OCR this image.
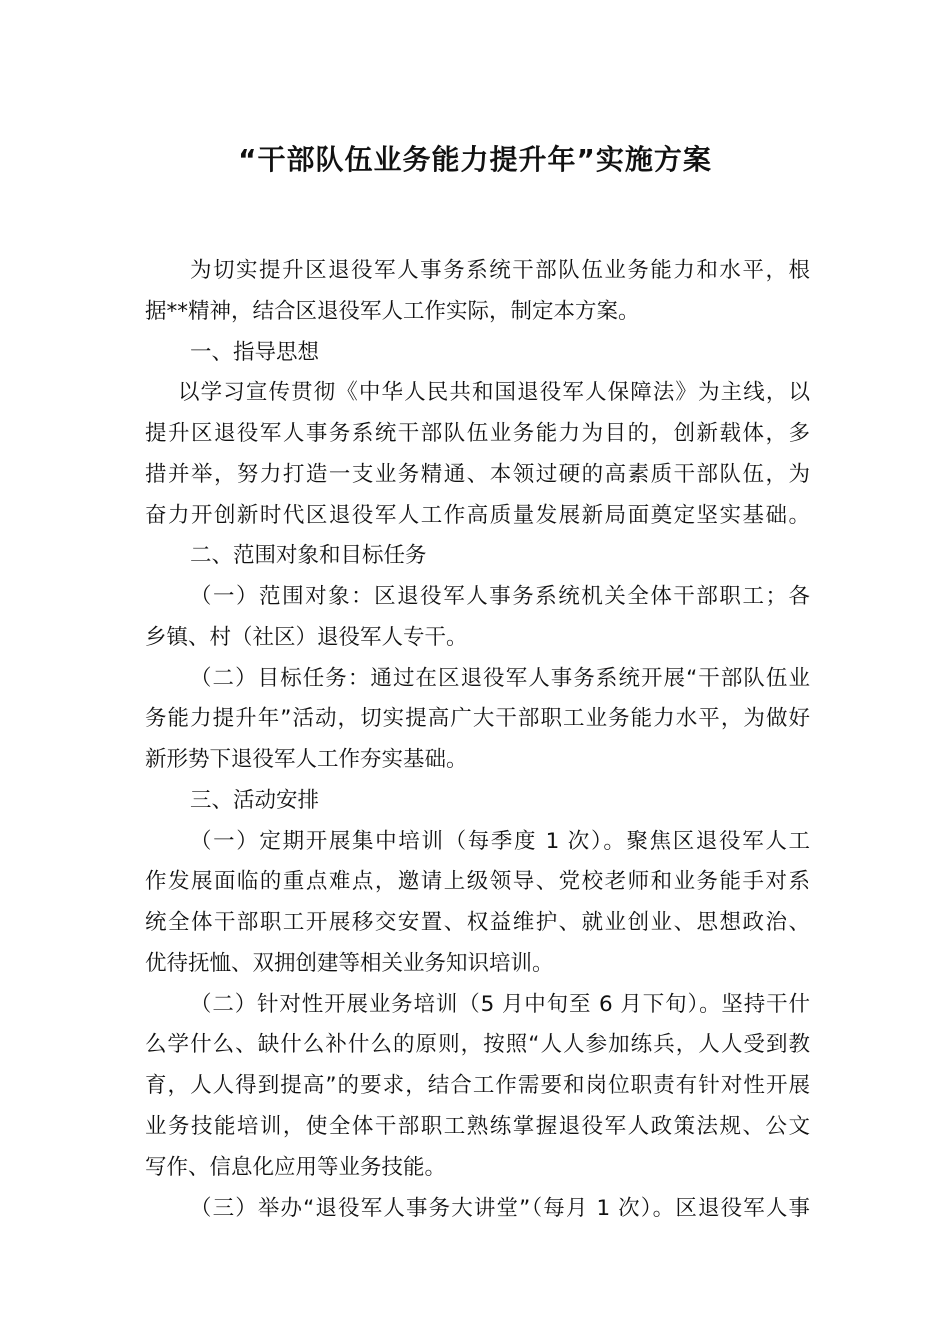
“干部队伍业务能力提升年”实施方案
为切实提升区退役军人事务系统干部队伍业务能力和水平，根
据**精神，结合区退役军人工作实际，制定本方案。
一、指导思想
以学习宣传贯彻《中华人民共和国退役军人保障法》为主线，以
提升区退役军人事务系统干部队伍业务能力为目的，创新载体，多
措并举，努力打造一支业务精通、本领过硬的高素质干部队伍，为
奋力开创新时代区退役军人工作高质量发展新局面奠定坚实基础。
二、范围对象和目标任务
（一）范围对象：区退役军人事务系统机关全体干部职工；各
乡镇、村（社区）退役军人专干。
（二）目标任务：通过在区退役军人事务系统开展“干部队伍业
务能力提升年”活动，切实提高广大干部职工业务能力水平，为做好
新形势下退役军人工作夯实基础。
三、活动安排
（一）定期开展集中培训（每季度 1 次）。聚焦区退役军人工
作发展面临的重点难点，邀请上级领导、党校老师和业务能手对系
统全体干部职工开展移交安置、权益维护、就业创业、思想政治、
优待抚恤、双拥创建等相关业务知识培训。
（二）针对性开展业务培训（5 月中旬至 6 月下旬）。坚持干什
么学什么、缺什么补什么的原则，按照“人人参加练兵，人人受到教
育，人人得到提高”的要求，结合工作需要和岗位职责有针对性开展
业务技能培训，使全体干部职工熟练掌握退役军人政策法规、公文
写作、信息化应用等业务技能。
（三）举办“退役军人事务大讲堂”（每月 1 次）。区退役军人事
